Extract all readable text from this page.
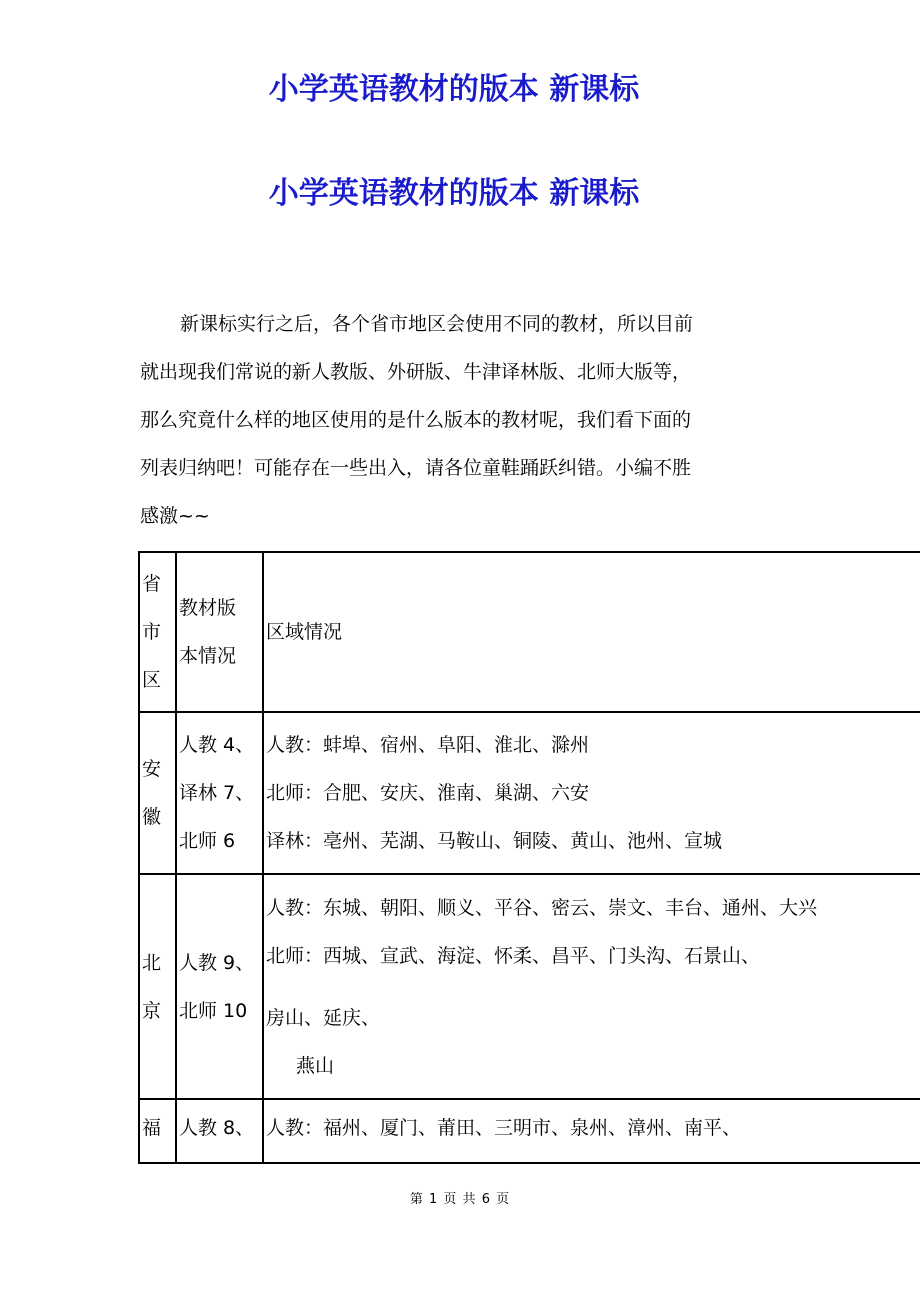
小学英语教材的版本 新课标
小学英语教材的版本 新课标

新课标实行之后，各个省市地区会使用不同的教材，所以目前
就出现我们常说的新人教版、外研版、牛津译林版、北师大版等，
那么究竟什么样的地区使用的是什么版本的教材呢，我们看下面的
列表归纳吧！可能存在一些出入，请各位童鞋踊跃纠错。小编不胜
感激~~

省
市
区	教材版
本情况	区域情况

安
徽	人教 4、
译林 7、
北师 6	人教：蚌埠、宿州、阜阳、淮北、滁州
北师：合肥、安庆、淮南、巢湖、六安
译林：亳州、芜湖、马鞍山、铜陵、黄山、池州、宣城

北
京	人教 9、
北师 10	人教：东城、朝阳、顺义、平谷、密云、崇文、丰台、通州、大兴
北师：西城、宣武、海淀、怀柔、昌平、门头沟、石景山、
房山、延庆、
燕山

福	人教 8、	人教：福州、厦门、莆田、三明市、泉州、漳州、南平、
第 1 页 共 6 页
